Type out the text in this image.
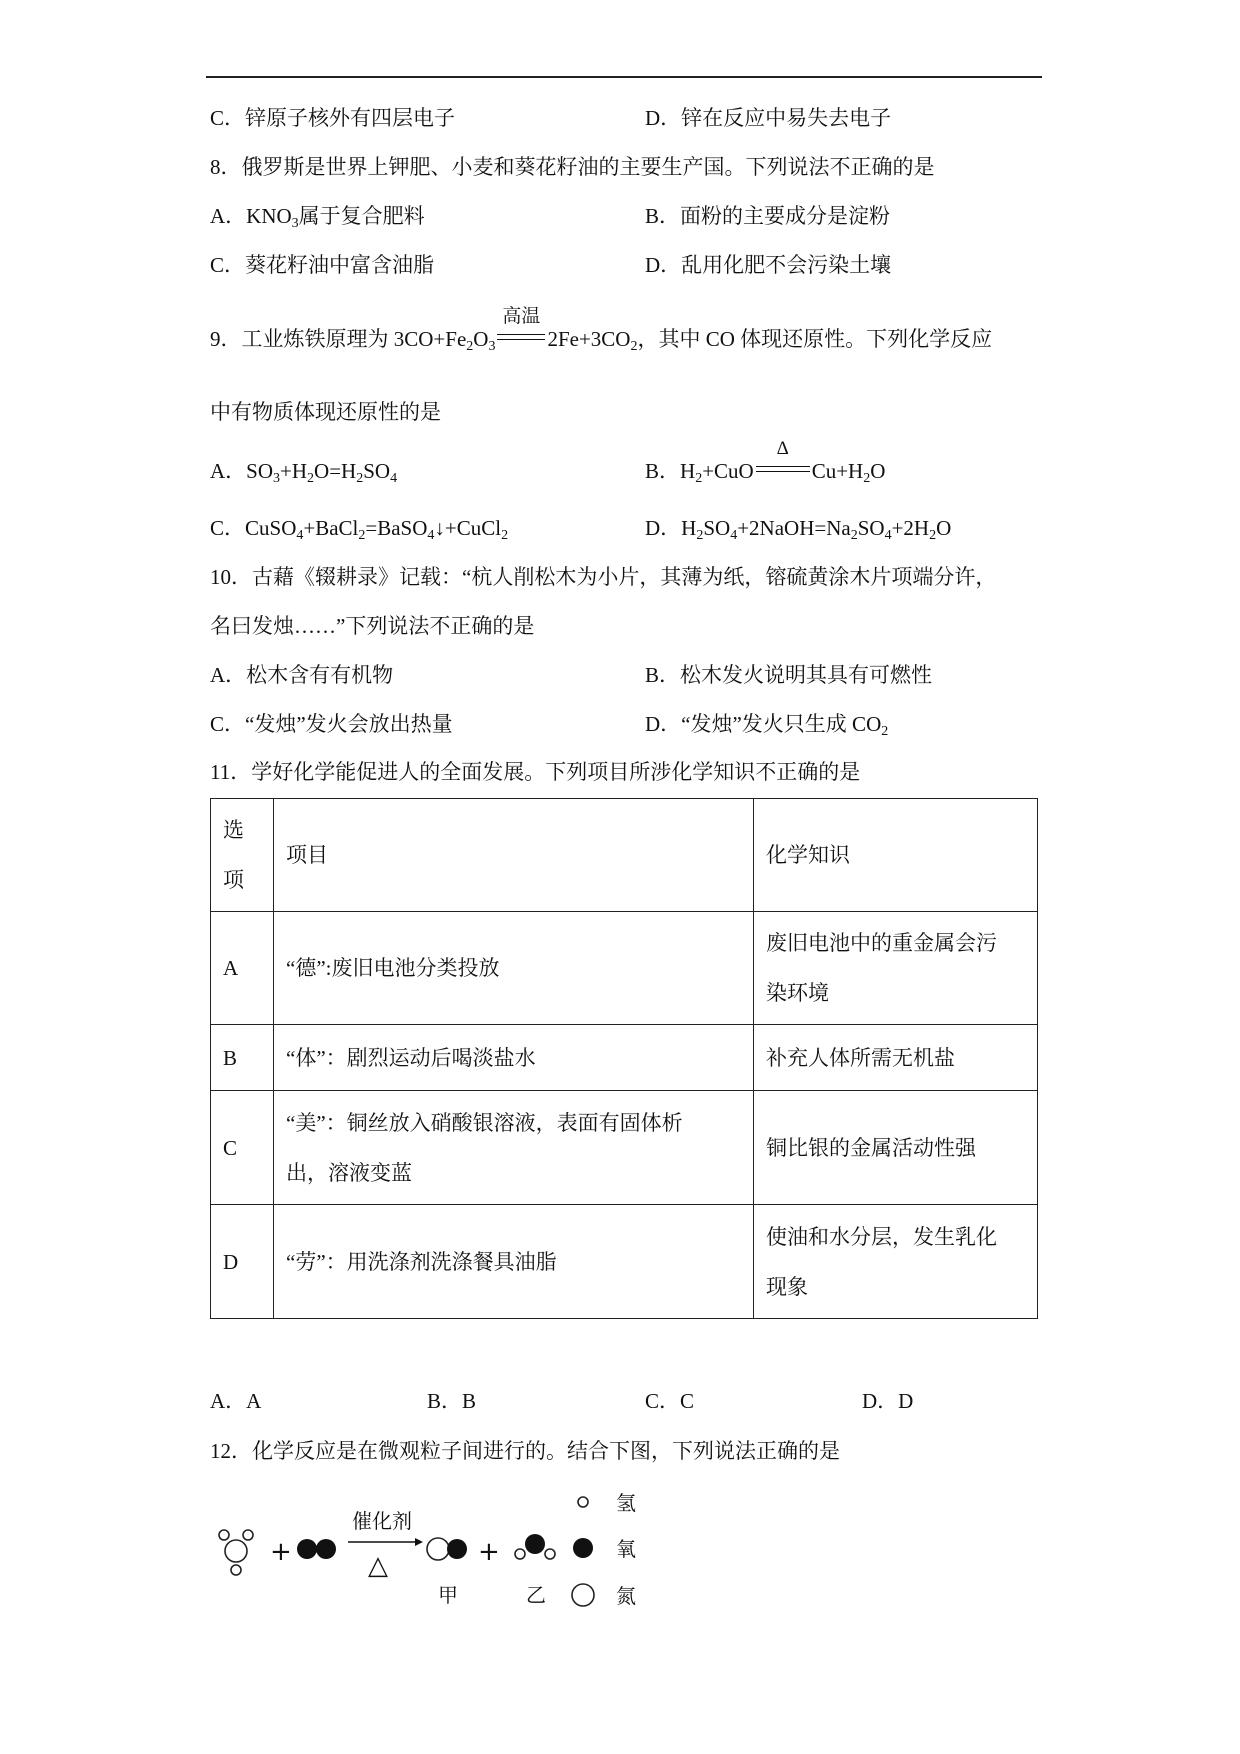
C．锌原子核外有四层电子	D．锌在反应中易失去电子
8．俄罗斯是世界上钾肥、小麦和葵花籽油的主要生产国。下列说法不正确的是
A．$KNO_3$属于复合肥料	B．面粉的主要成分是淀粉
C．葵花籽油中富含油脂	D．乱用化肥不会污染土壤
9．工业炼铁原理为 $3CO+Fe_2O_3$
高温
$2Fe+3CO_2$，其中 CO 体现还原性。下列化学反应
中有物质体现还原性的是
A．$SO_3+H_2O=H_2SO_4$	B．$H_2+CuO$
Δ
$Cu+H_2O$
C．CuSO$_4$+BaCl$_2$=BaSO$_4$↓+CuCl$_2$	D．$H_2SO_4+2NaOH=Na_2SO_4+2H_2O$
10．古藉《辍耕录》记载：“杭人削松木为小片，其薄为纸，镕硫黄涂木片项端分许，
名曰发烛……”下列说法不正确的是
A．松木含有有机物	B．松木发火说明其具有可燃性
C．“发烛”发火会放出热量	D．“发烛”发火只生成 $CO_2$
11．学好化学能促进人的全面发展。下列项目所涉化学知识不正确的是
选
项	项目	化学知识
A	“德”:废旧电池分类投放	废旧电池中的重金属会污
染环境

B	“体”：剧烈运动后喝淡盐水	补充人体所需无机盐
C	“美”：铜丝放入硝酸银溶液，表面有固体析
出，溶液变蓝	铜比银的金属活动性强
D	“劳”：用洗涤剂洗涤餐具油脂	使油和水分层，发生乳化
现象
A．A	B．B	C．C	D．D
12．化学反应是在微观粒子间进行的。结合下图，下列说法正确的是
+
催化剂
△
甲
+
乙
氢
氧
氮
